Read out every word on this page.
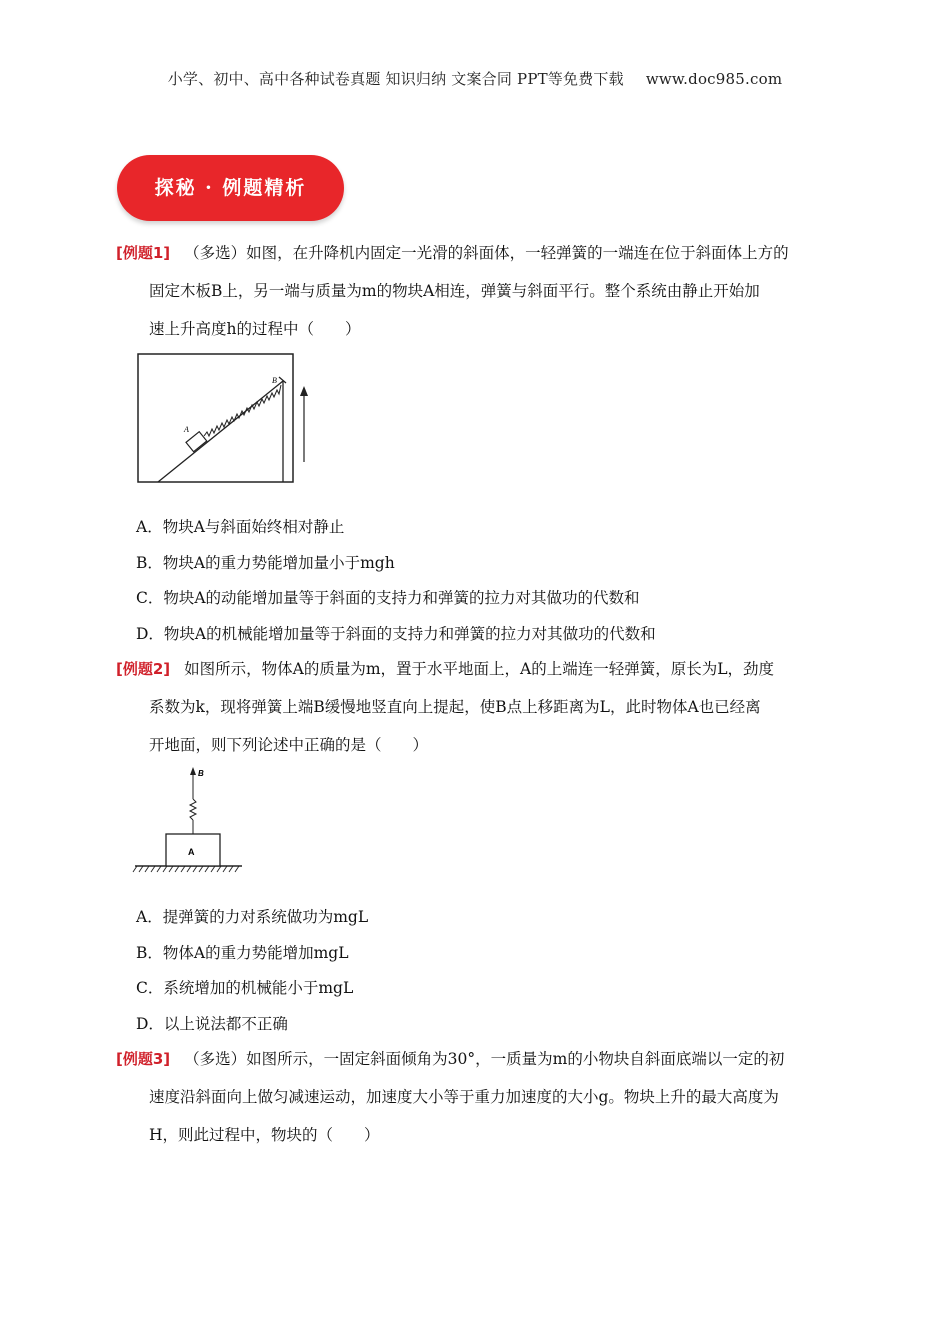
小学、初中、高中各种试卷真题 知识归纳 文案合同 PPT等免费下载 www.doc985.com
探秘 · 例题精析
[例题1] （多选）如图，在升降机内固定一光滑的斜面体，一轻弹簧的一端连在位于斜面体上方的
固定木板B上，另一端与质量为m的物块A相连，弹簧与斜面平行。整个系统由静止开始加
速上升高度h的过程中（　　）
A
B
A．物块A与斜面始终相对静止
B．物块A的重力势能增加量小于mgh
C．物块A的动能增加量等于斜面的支持力和弹簧的拉力对其做功的代数和
D．物块A的机械能增加量等于斜面的支持力和弹簧的拉力对其做功的代数和
[例题2] 如图所示，物体A的质量为m，置于水平地面上，A的上端连一轻弹簧，原长为L，劲度
系数为k，现将弹簧上端B缓慢地竖直向上提起，使B点上移距离为L，此时物体A也已经离
开地面，则下列论述中正确的是（　　）
A
B
A．提弹簧的力对系统做功为mgL
B．物体A的重力势能增加mgL
C．系统增加的机械能小于mgL
D．以上说法都不正确
[例题3] （多选）如图所示，一固定斜面倾角为30°，一质量为m的小物块自斜面底端以一定的初
速度沿斜面向上做匀减速运动，加速度大小等于重力加速度的大小g。物块上升的最大高度为
H，则此过程中，物块的（　　）
